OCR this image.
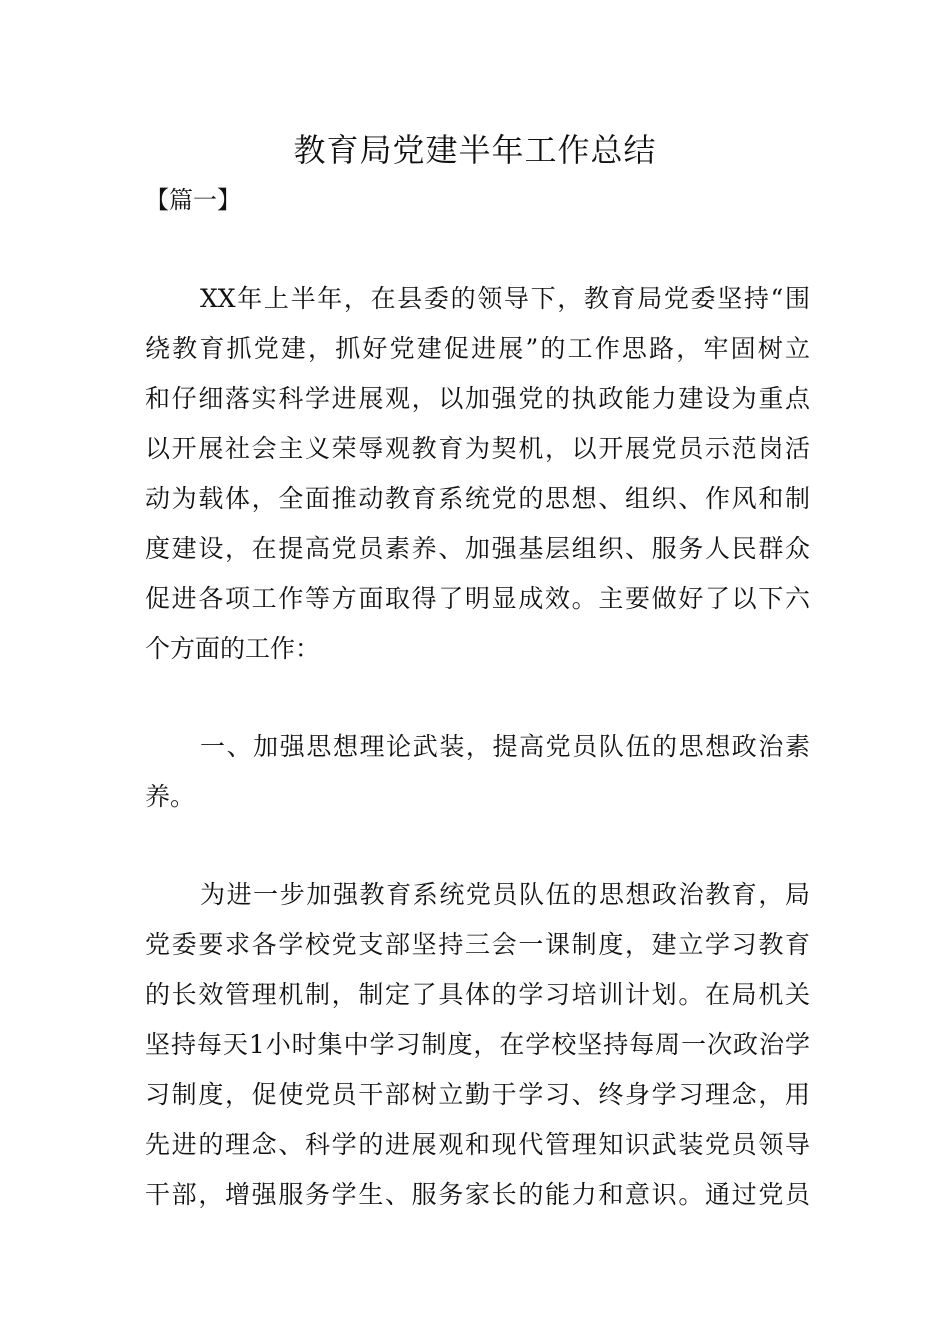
教育局党建半年工作总结

【篇一】

XX年上半年，在县委的领导下，教育局党委坚持“围
绕教育抓党建，抓好党建促进展”的工作思路，牢固树立
和仔细落实科学进展观，以加强党的执政能力建设为重点
以开展社会主义荣辱观教育为契机，以开展党员示范岗活
动为载体，全面推动教育系统党的思想、组织、作风和制
度建设，在提高党员素养、加强基层组织、服务人民群众
促进各项工作等方面取得了明显成效。主要做好了以下六
个方面的工作：
一、加强思想理论武装，提高党员队伍的思想政治素
养。
为进一步加强教育系统党员队伍的思想政治教育，局
党委要求各学校党支部坚持三会一课制度，建立学习教育
的长效管理机制，制定了具体的学习培训计划。在局机关
坚持每天1小时集中学习制度，在学校坚持每周一次政治学
习制度，促使党员干部树立勤于学习、终身学习理念，用
先进的理念、科学的进展观和现代管理知识武装党员领导
干部，增强服务学生、服务家长的能力和意识。通过党员
